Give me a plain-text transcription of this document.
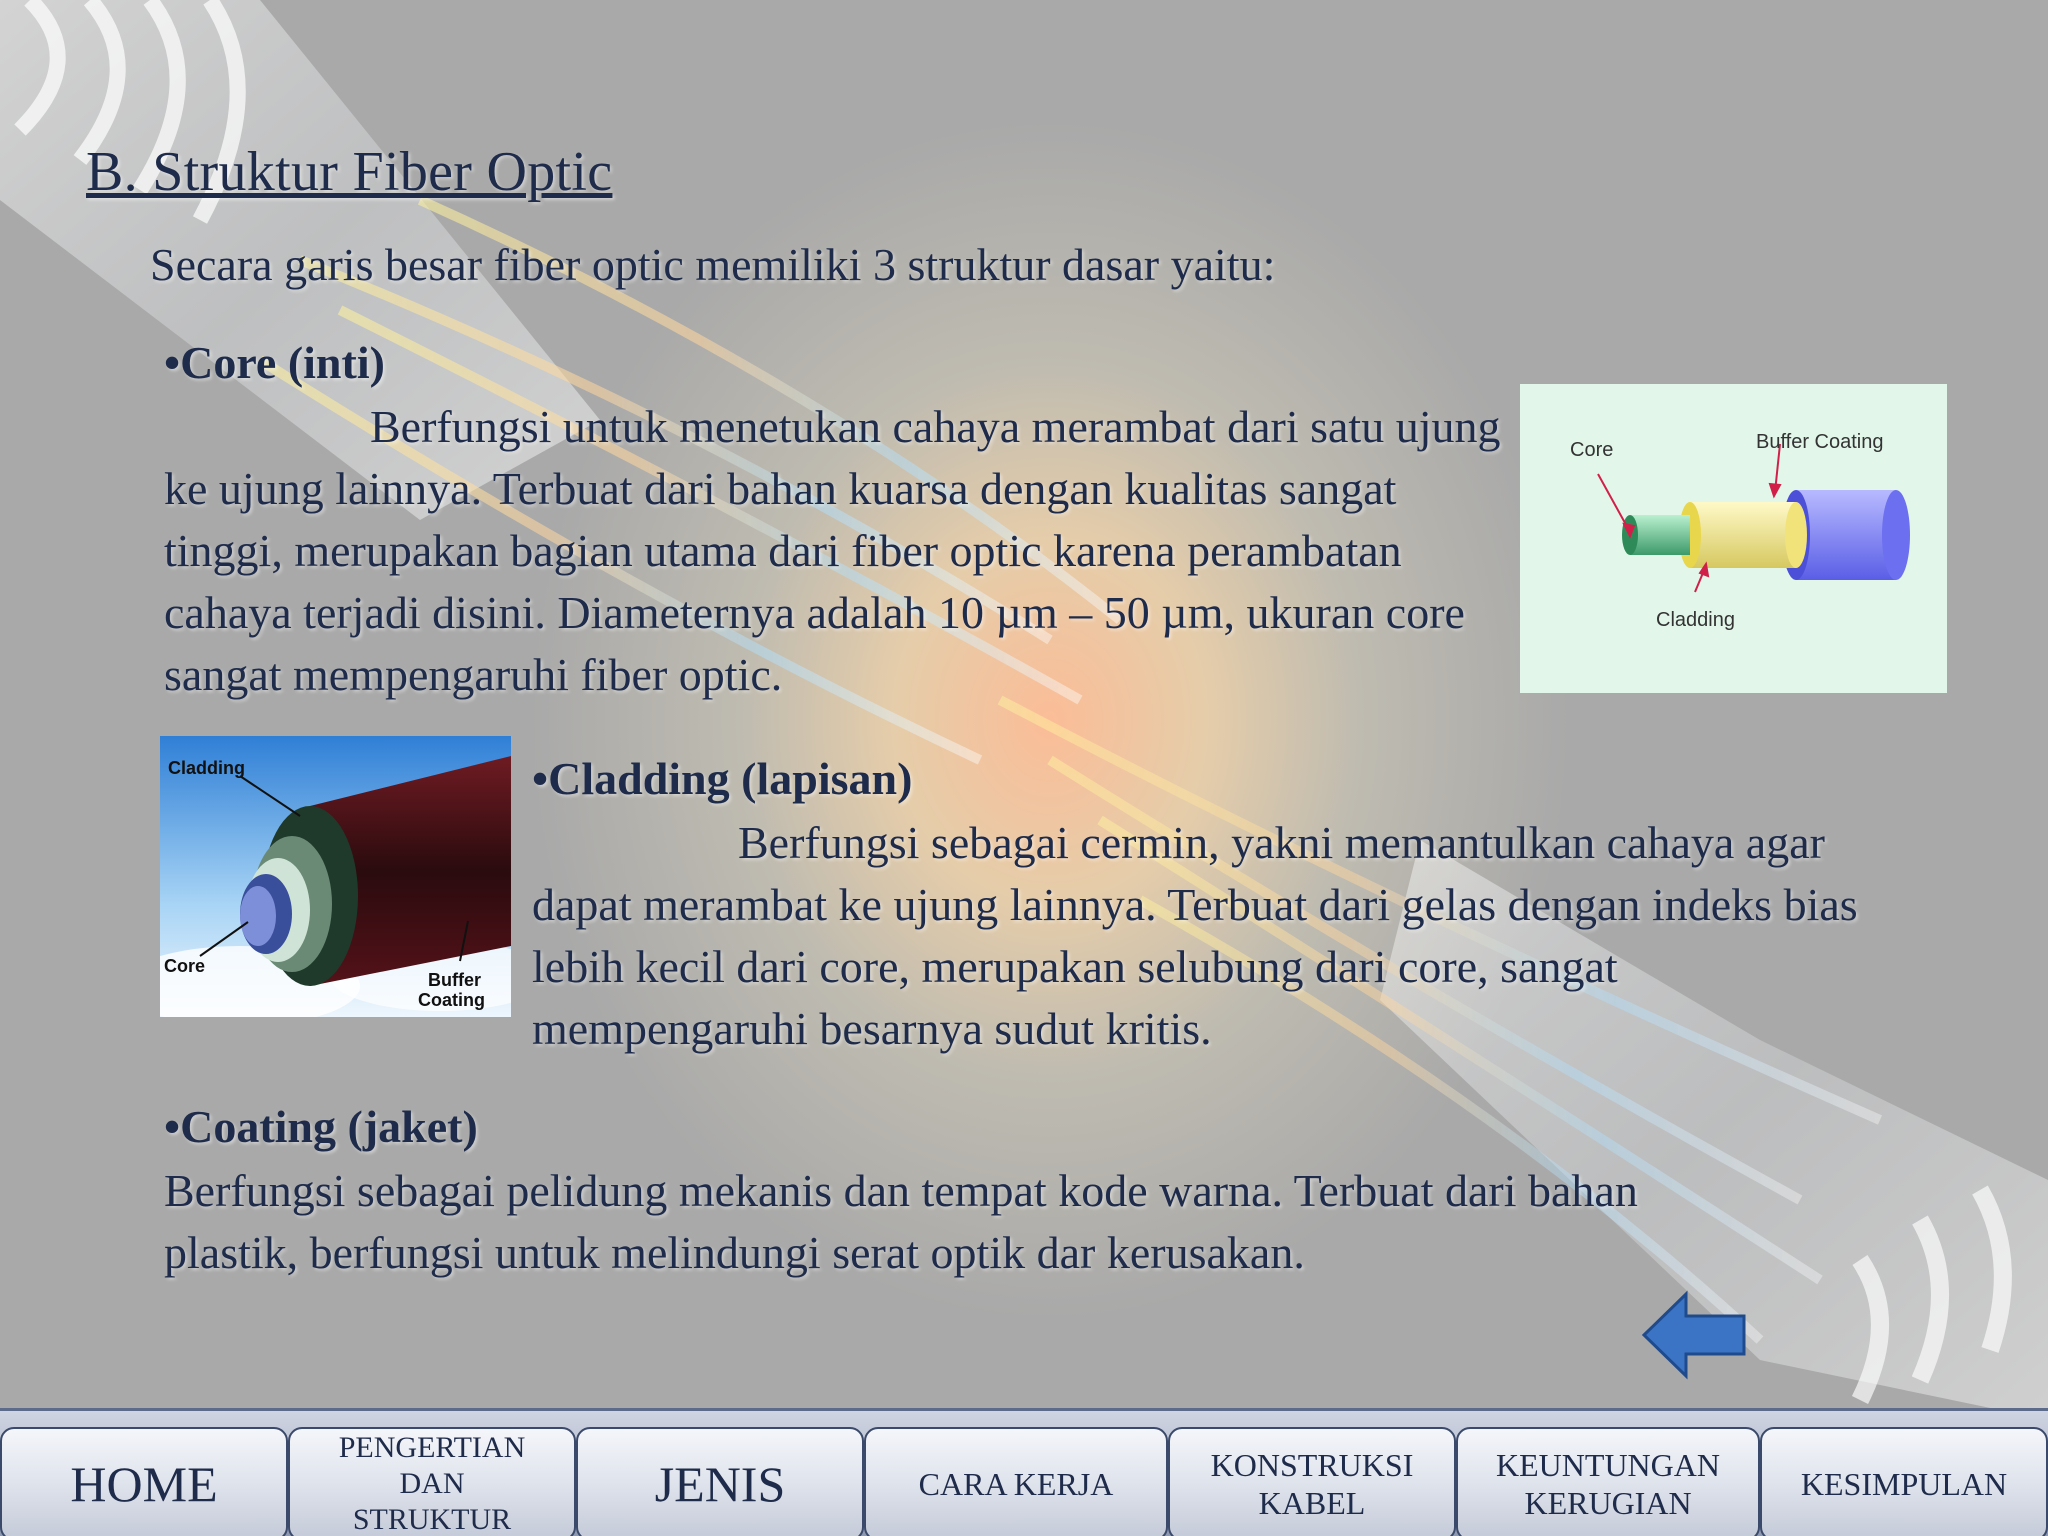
B. Struktur Fiber Optic
Secara garis besar fiber optic memiliki 3 struktur dasar yaitu:
•Core (inti)
Berfungsi untuk menetukan cahaya merambat dari satu ujung ke ujung lainnya. Terbuat dari bahan kuarsa dengan kualitas sangat tinggi, merupakan bagian utama dari fiber optic karena perambatan cahaya terjadi disini. Diameternya adalah 10 µm – 50 µm, ukuran core sangat mempengaruhi fiber optic.
Core	Buffer Coating
Cladding
Cladding
Core
Buffer
Coating
•Cladding (lapisan)
Berfungsi sebagai cermin, yakni memantulkan cahaya agar dapat merambat ke ujung lainnya. Terbuat dari gelas dengan indeks bias lebih kecil dari core, merupakan selubung dari core, sangat mempengaruhi besarnya sudut kritis.
•Coating (jaket)
Berfungsi sebagai pelidung mekanis dan tempat kode warna. Terbuat dari bahan plastik, berfungsi untuk melindungi serat optik dar kerusakan.
HOME
PENGERTIAN
DAN
STRUKTUR
JENIS	CARA KERJA
KONSTRUKSI
KABEL
KEUNTUNGAN
KERUGIAN
KESIMPULAN
